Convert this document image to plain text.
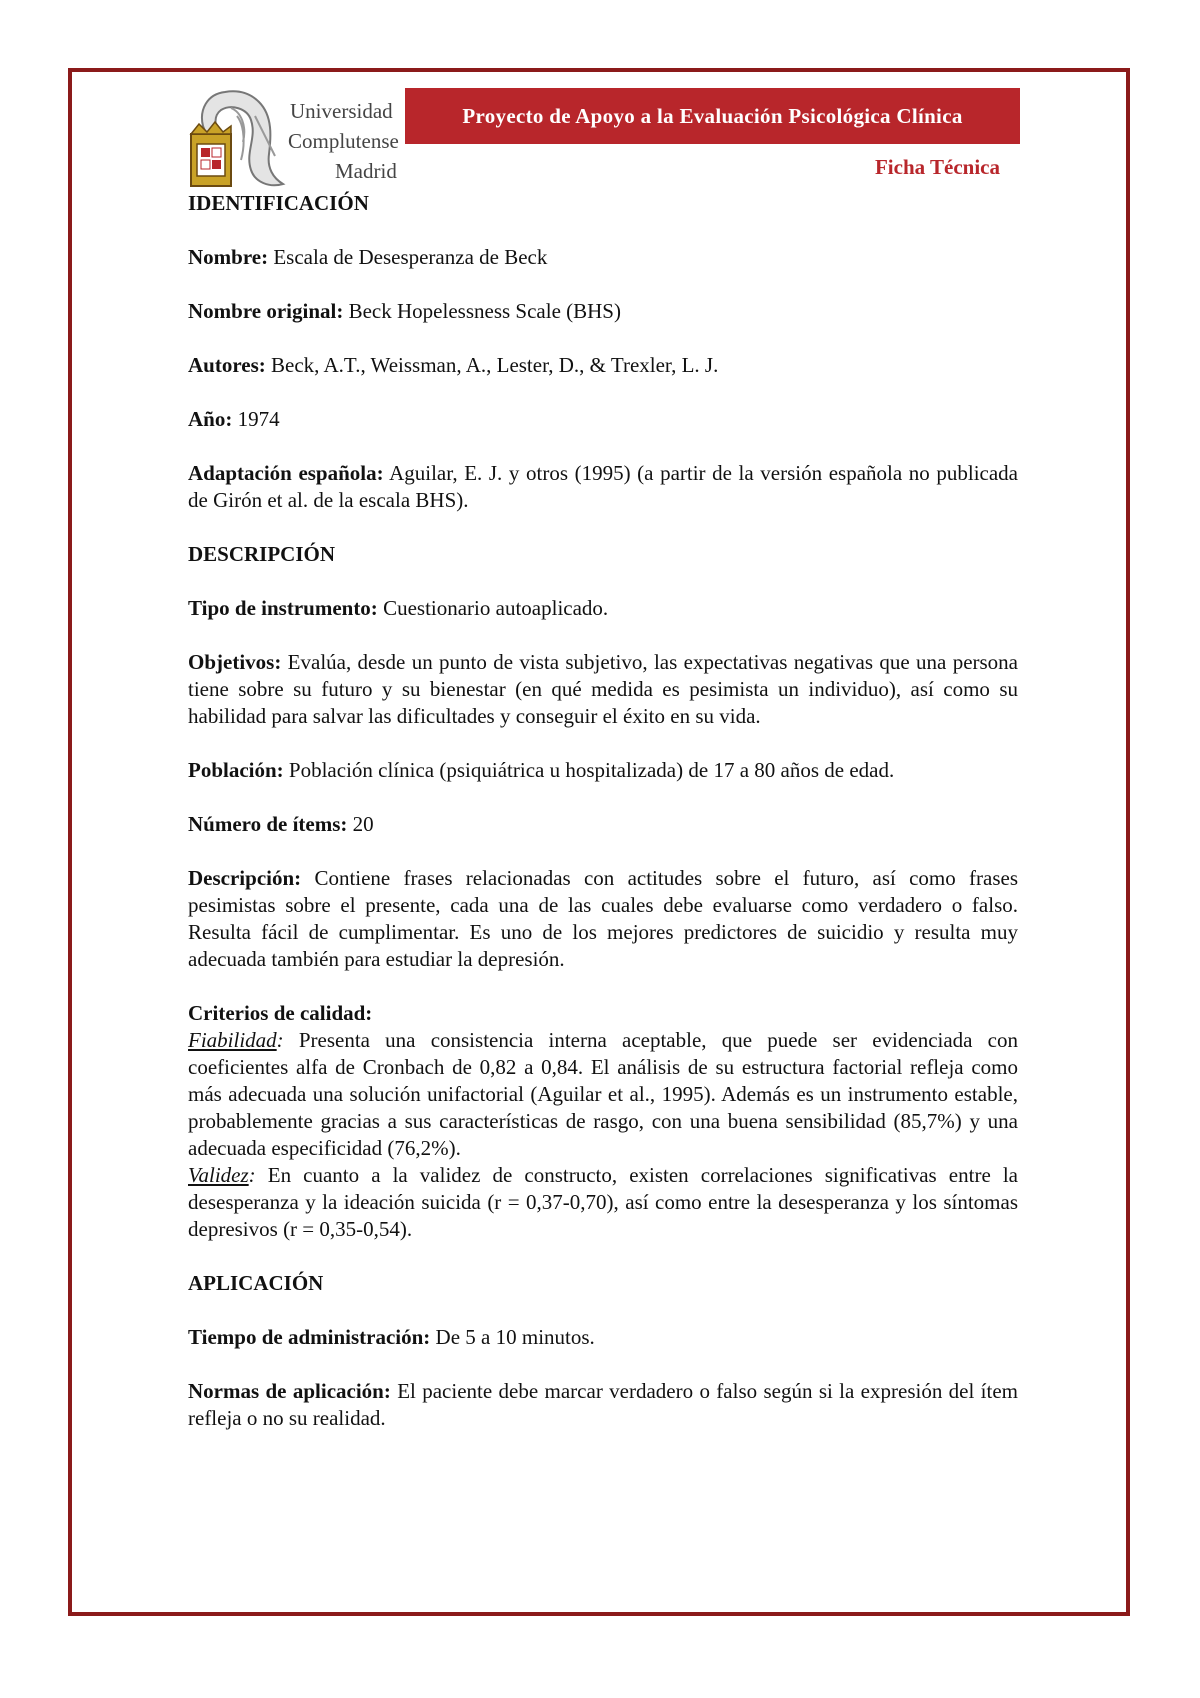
Universidad
Complutense
Madrid
Proyecto de Apoyo a la Evaluación Psicológica Clínica
Ficha Técnica

IDENTIFICACIÓN

Nombre: Escala de Desesperanza de Beck

Nombre original: Beck Hopelessness Scale (BHS)

Autores: Beck, A.T., Weissman, A., Lester, D., & Trexler, L. J.

Año: 1974

Adaptación española: Aguilar, E. J. y otros (1995) (a partir de la versión española no publicada de Girón et al. de la escala BHS).

DESCRIPCIÓN

Tipo de instrumento: Cuestionario autoaplicado.

Objetivos: Evalúa, desde un punto de vista subjetivo, las expectativas negativas que una persona tiene sobre su futuro y su bienestar (en qué medida es pesimista un individuo), así como su habilidad para salvar las dificultades y conseguir el éxito en su vida.

Población: Población clínica (psiquiátrica u hospitalizada) de 17 a 80 años de edad.

Número de ítems: 20

Descripción: Contiene frases relacionadas con actitudes sobre el futuro, así como frases pesimistas sobre el presente, cada una de las cuales debe evaluarse como verdadero o falso. Resulta fácil de cumplimentar. Es uno de los mejores predictores de suicidio y resulta muy adecuada también para estudiar la depresión.

Criterios de calidad:

Fiabilidad: Presenta una consistencia interna aceptable, que puede ser evidenciada con coeficientes alfa de Cronbach de 0,82 a 0,84. El análisis de su estructura factorial refleja como más adecuada una solución unifactorial (Aguilar et al., 1995). Además es un instrumento estable, probablemente gracias a sus características de rasgo, con una buena sensibilidad (85,7%) y una adecuada especificidad (76,2%).

Validez: En cuanto a la validez de constructo, existen correlaciones significativas entre la desesperanza y la ideación suicida (r = 0,37-0,70), así como entre la desesperanza y los síntomas depresivos (r = 0,35-0,54).

APLICACIÓN

Tiempo de administración: De 5 a 10 minutos.

Normas de aplicación: El paciente debe marcar verdadero o falso según si la expresión del ítem refleja o no su realidad.
